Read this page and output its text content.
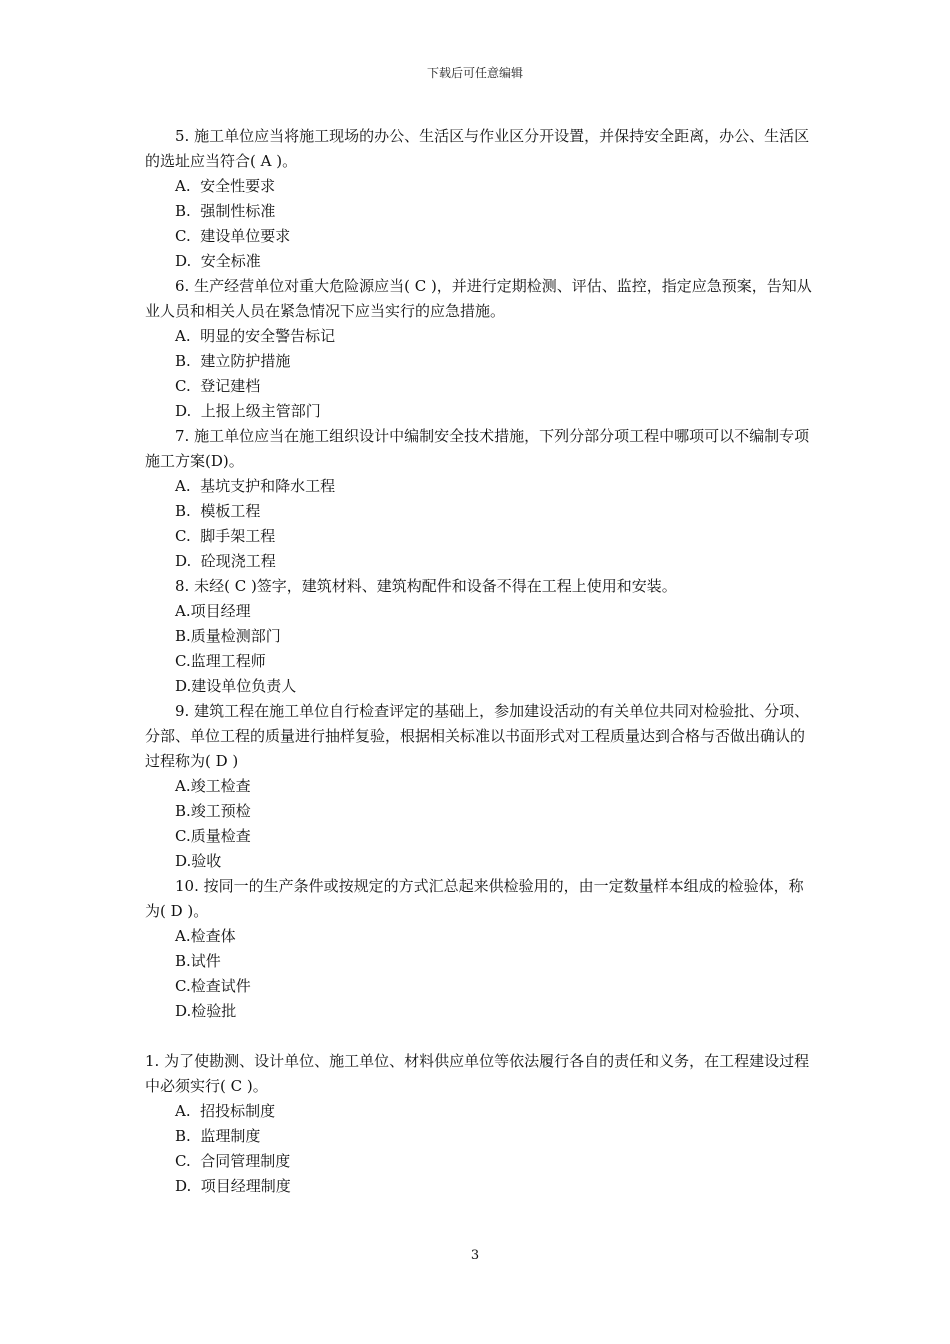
下载后可任意编辑

5. 施工单位应当将施工现场的办公、生活区与作业区分开设置，并保持安全距离，办公、生活区的选址应当符合( A )。

A.  安全性要求

B.  强制性标准

C.  建设单位要求

D.  安全标准

6. 生产经营单位对重大危险源应当( C )，并进行定期检测、评估、监控，指定应急预案，告知从业人员和相关人员在紧急情况下应当实行的应急措施。

A.  明显的安全警告标记

B.  建立防护措施

C.  登记建档

D.  上报上级主管部门

7. 施工单位应当在施工组织设计中编制安全技术措施，下列分部分项工程中哪项可以不编制专项施工方案(D)。

A.  基坑支护和降水工程

B.  模板工程

C.  脚手架工程

D.  砼现浇工程

8. 未经( C )签字，建筑材料、建筑构配件和设备不得在工程上使用和安装。

A.项目经理

B.质量检测部门

C.监理工程师

D.建设单位负责人

9. 建筑工程在施工单位自行检查评定的基础上，参加建设活动的有关单位共同对检验批、分项、分部、单位工程的质量进行抽样复验，根据相关标准以书面形式对工程质量达到合格与否做出确认的过程称为( D )

A.竣工检查

B.竣工预检

C.质量检查

D.验收

10. 按同一的生产条件或按规定的方式汇总起来供检验用的，由一定数量样本组成的检验体，称为( D )。

A.检查体

B.试件

C.检查试件

D.检验批

1. 为了使勘测、设计单位、施工单位、材料供应单位等依法履行各自的责任和义务，在工程建设过程中必须实行( C )。

A.  招投标制度

B.  监理制度

C.  合同管理制度

D.  项目经理制度

3
